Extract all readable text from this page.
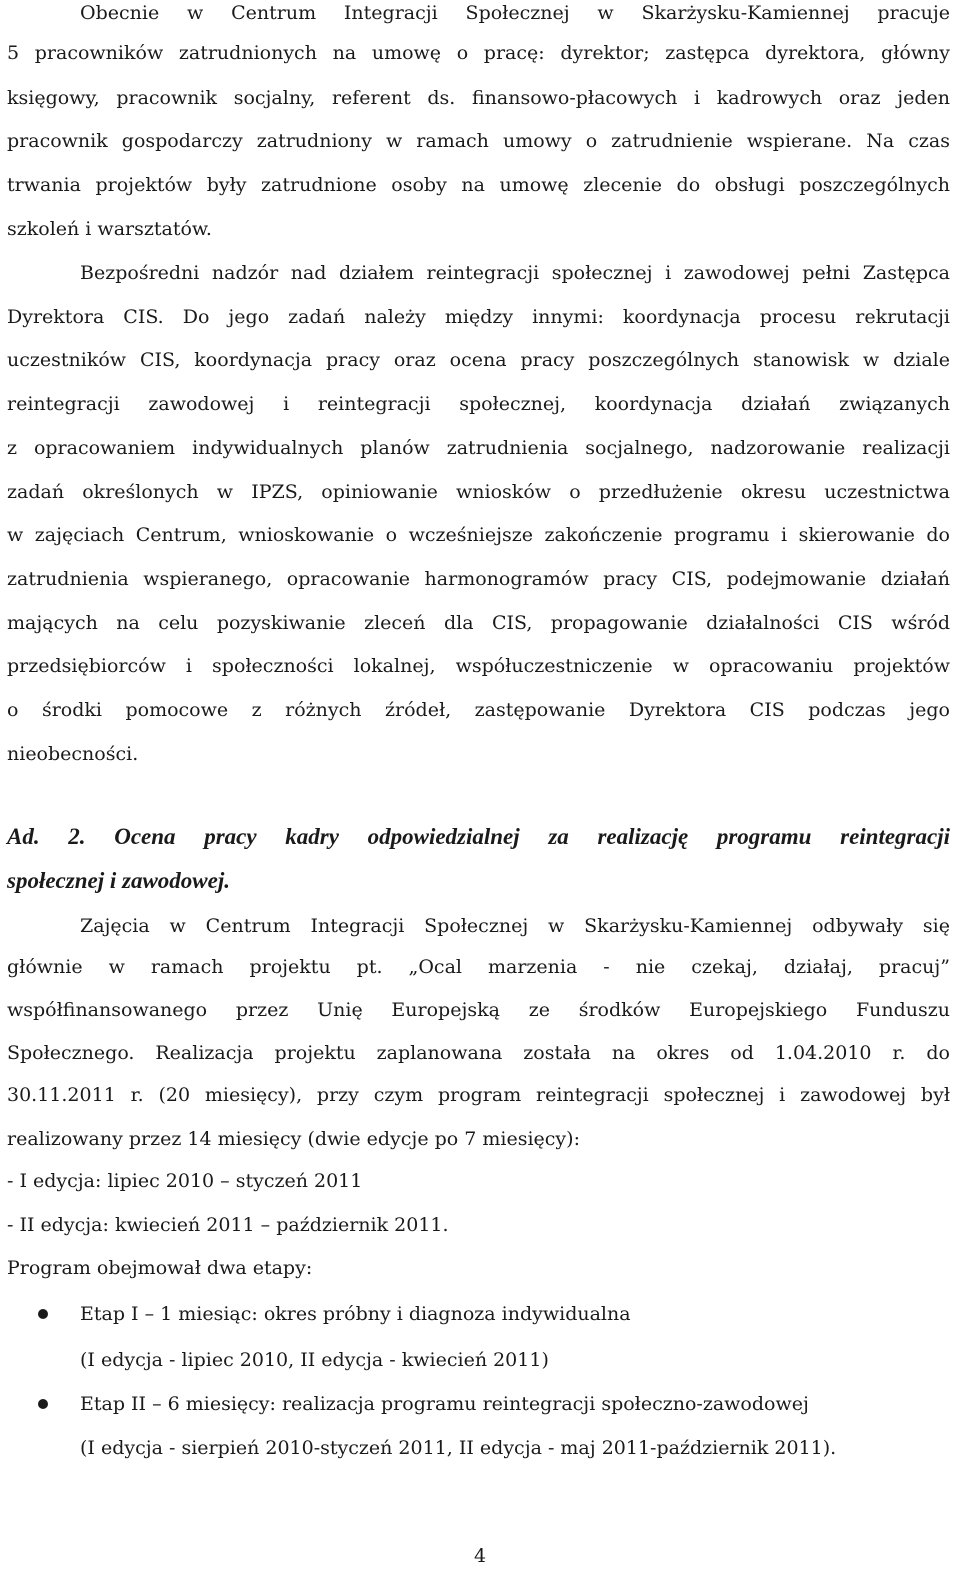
Obecnie w Centrum Integracji Społecznej w Skarżysku-Kamiennej pracuje
5 pracowników zatrudnionych na umowę o pracę: dyrektor; zastępca dyrektora, główny
księgowy, pracownik socjalny, referent ds. finansowo-płacowych i kadrowych oraz jeden
pracownik gospodarczy zatrudniony w ramach umowy o zatrudnienie wspierane. Na czas
trwania projektów były zatrudnione osoby na umowę zlecenie do obsługi poszczególnych
szkoleń i warsztatów.
Bezpośredni nadzór nad działem reintegracji społecznej i zawodowej pełni Zastępca
Dyrektora CIS. Do jego zadań należy między innymi: koordynacja procesu rekrutacji
uczestników CIS, koordynacja pracy oraz ocena pracy poszczególnych stanowisk w dziale
reintegracji zawodowej i reintegracji społecznej, koordynacja działań związanych
z opracowaniem indywidualnych planów zatrudnienia socjalnego, nadzorowanie realizacji
zadań określonych w IPZS, opiniowanie wniosków o przedłużenie okresu uczestnictwa
w zajęciach Centrum, wnioskowanie o wcześniejsze zakończenie programu i skierowanie do
zatrudnienia wspieranego, opracowanie harmonogramów pracy CIS, podejmowanie działań
mających na celu pozyskiwanie zleceń dla CIS, propagowanie działalności CIS wśród
przedsiębiorców i społeczności lokalnej, współuczestniczenie w opracowaniu projektów
o środki pomocowe z różnych źródeł, zastępowanie Dyrektora CIS podczas jego
nieobecności.
Ad. 2. Ocena pracy kadry odpowiedzialnej za realizację programu reintegracji
społecznej i zawodowej.
Zajęcia w Centrum Integracji Społecznej w Skarżysku-Kamiennej odbywały się
głównie w ramach projektu pt. „Ocal marzenia - nie czekaj, działaj, pracuj”
współfinansowanego przez Unię Europejską ze środków Europejskiego Funduszu
Społecznego. Realizacja projektu zaplanowana została na okres od 1.04.2010 r. do
30.11.2011 r. (20 miesięcy), przy czym program reintegracji społecznej i zawodowej był
realizowany przez 14 miesięcy (dwie edycje po 7 miesięcy):
- I edycja: lipiec 2010 – styczeń 2011
- II edycja: kwiecień 2011 – październik 2011.
Program obejmował dwa etapy:
Etap I – 1 miesiąc: okres próbny i diagnoza indywidualna
(I edycja - lipiec 2010, II edycja - kwiecień 2011)
Etap II – 6 miesięcy: realizacja programu reintegracji społeczno-zawodowej
(I edycja - sierpień 2010-styczeń 2011, II edycja - maj 2011-październik 2011).
4
